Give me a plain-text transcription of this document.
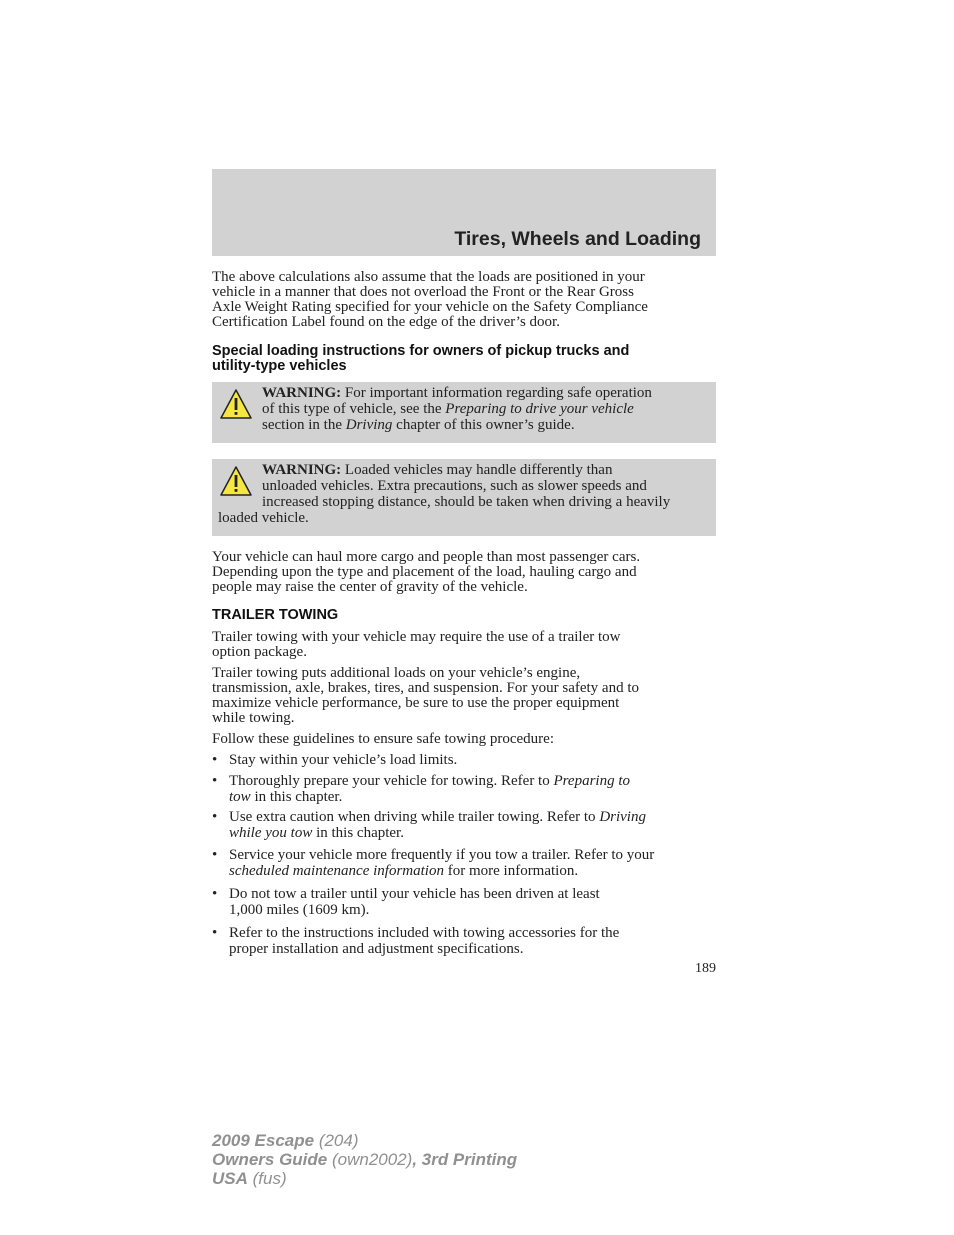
Tires, Wheels and Loading

The above calculations also assume that the loads are positioned in your
vehicle in a manner that does not overload the Front or the Rear Gross
Axle Weight Rating specified for your vehicle on the Safety Compliance
Certification Label found on the edge of the driver’s door.

Special loading instructions for owners of pickup trucks and
utility-type vehicles

WARNING: For important information regarding safe operation
of this type of vehicle, see the Preparing to drive your vehicle
section in the Driving chapter of this owner’s guide.

WARNING: Loaded vehicles may handle differently than
unloaded vehicles. Extra precautions, such as slower speeds and
increased stopping distance, should be taken when driving a heavily
loaded vehicle.

Your vehicle can haul more cargo and people than most passenger cars.
Depending upon the type and placement of the load, hauling cargo and
people may raise the center of gravity of the vehicle.

TRAILER TOWING

Trailer towing with your vehicle may require the use of a trailer tow
option package.

Trailer towing puts additional loads on your vehicle’s engine,
transmission, axle, brakes, tires, and suspension. For your safety and to
maximize vehicle performance, be sure to use the proper equipment
while towing.

Follow these guidelines to ensure safe towing procedure:

• Stay within your vehicle’s load limits.
• Thoroughly prepare your vehicle for towing. Refer to Preparing to
tow in this chapter.
• Use extra caution when driving while trailer towing. Refer to Driving
while you tow in this chapter.
• Service your vehicle more frequently if you tow a trailer. Refer to your
scheduled maintenance information for more information.
• Do not tow a trailer until your vehicle has been driven at least
1,000 miles (1609 km).
• Refer to the instructions included with towing accessories for the
proper installation and adjustment specifications.
189
2009 Escape (204)
Owners Guide (own2002), 3rd Printing
USA (fus)
